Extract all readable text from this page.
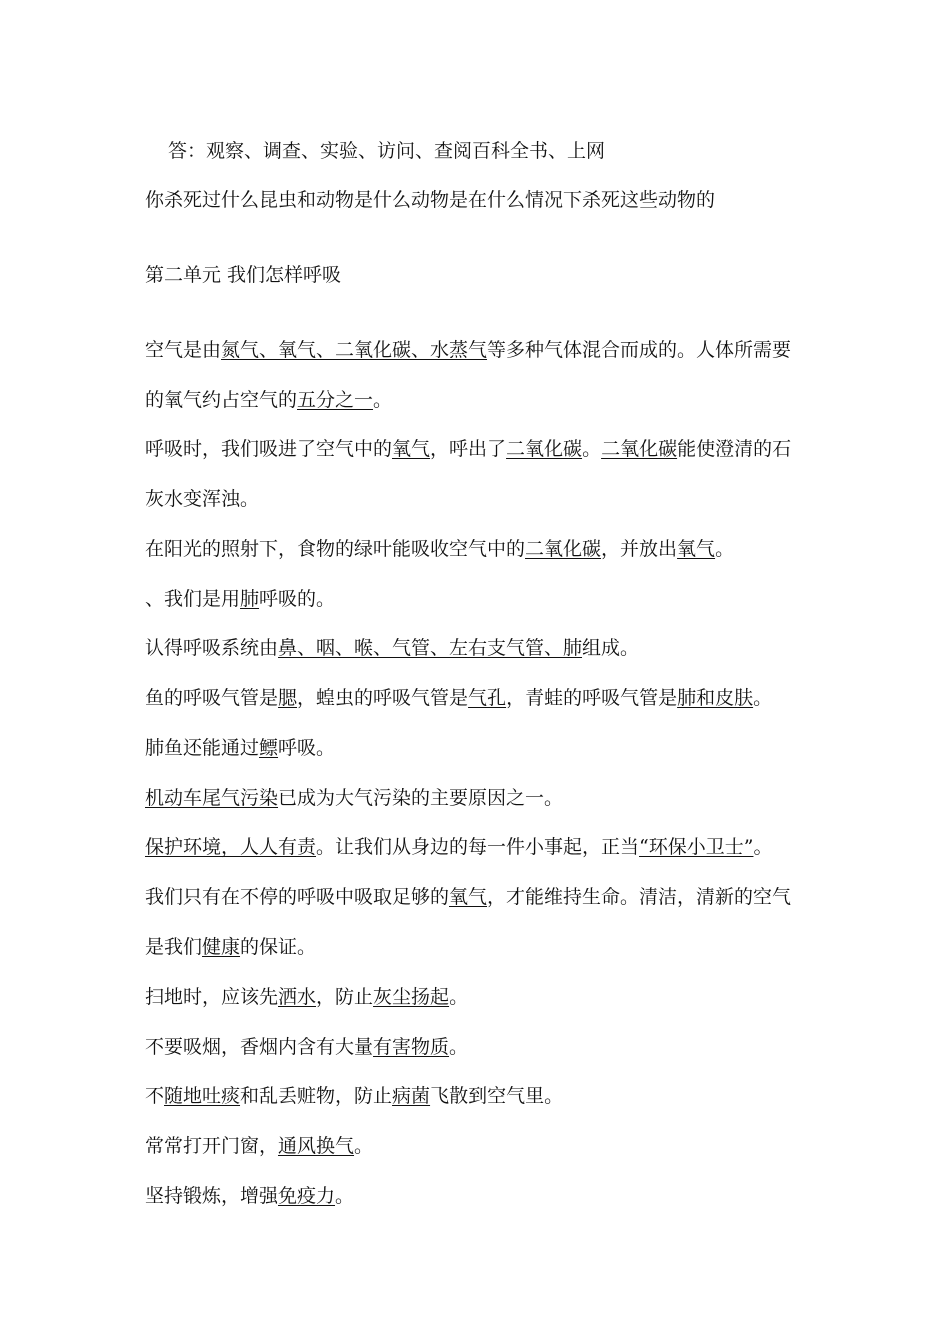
答：观察、调查、实验、访问、查阅百科全书、上网
你杀死过什么昆虫和动物是什么动物是在什么情况下杀死这些动物的
第二单元 我们怎样呼吸
空气是由氮气、氧气、二氧化碳、水蒸气等多种气体混合而成的。人体所需要
的氧气约占空气的五分之一。
呼吸时，我们吸进了空气中的氧气，呼出了二氧化碳。二氧化碳能使澄清的石
灰水变浑浊。
在阳光的照射下，食物的绿叶能吸收空气中的二氧化碳，并放出氧气。
、我们是用肺呼吸的。
认得呼吸系统由鼻、咽、喉、气管、左右支气管、肺组成。
鱼的呼吸气管是腮，蝗虫的呼吸气管是气孔，青蛙的呼吸气管是肺和皮肤。
肺鱼还能通过鳔呼吸。
机动车尾气污染已成为大气污染的主要原因之一。
保护环境，人人有责。让我们从身边的每一件小事起，正当“环保小卫士”。
我们只有在不停的呼吸中吸取足够的氧气，才能维持生命。清洁，清新的空气
是我们健康的保证。
扫地时，应该先洒水，防止灰尘扬起。
不要吸烟，香烟内含有大量有害物质。
不随地吐痰和乱丢赃物，防止病菌飞散到空气里。
常常打开门窗，通风换气。
坚持锻炼，增强免疫力。
